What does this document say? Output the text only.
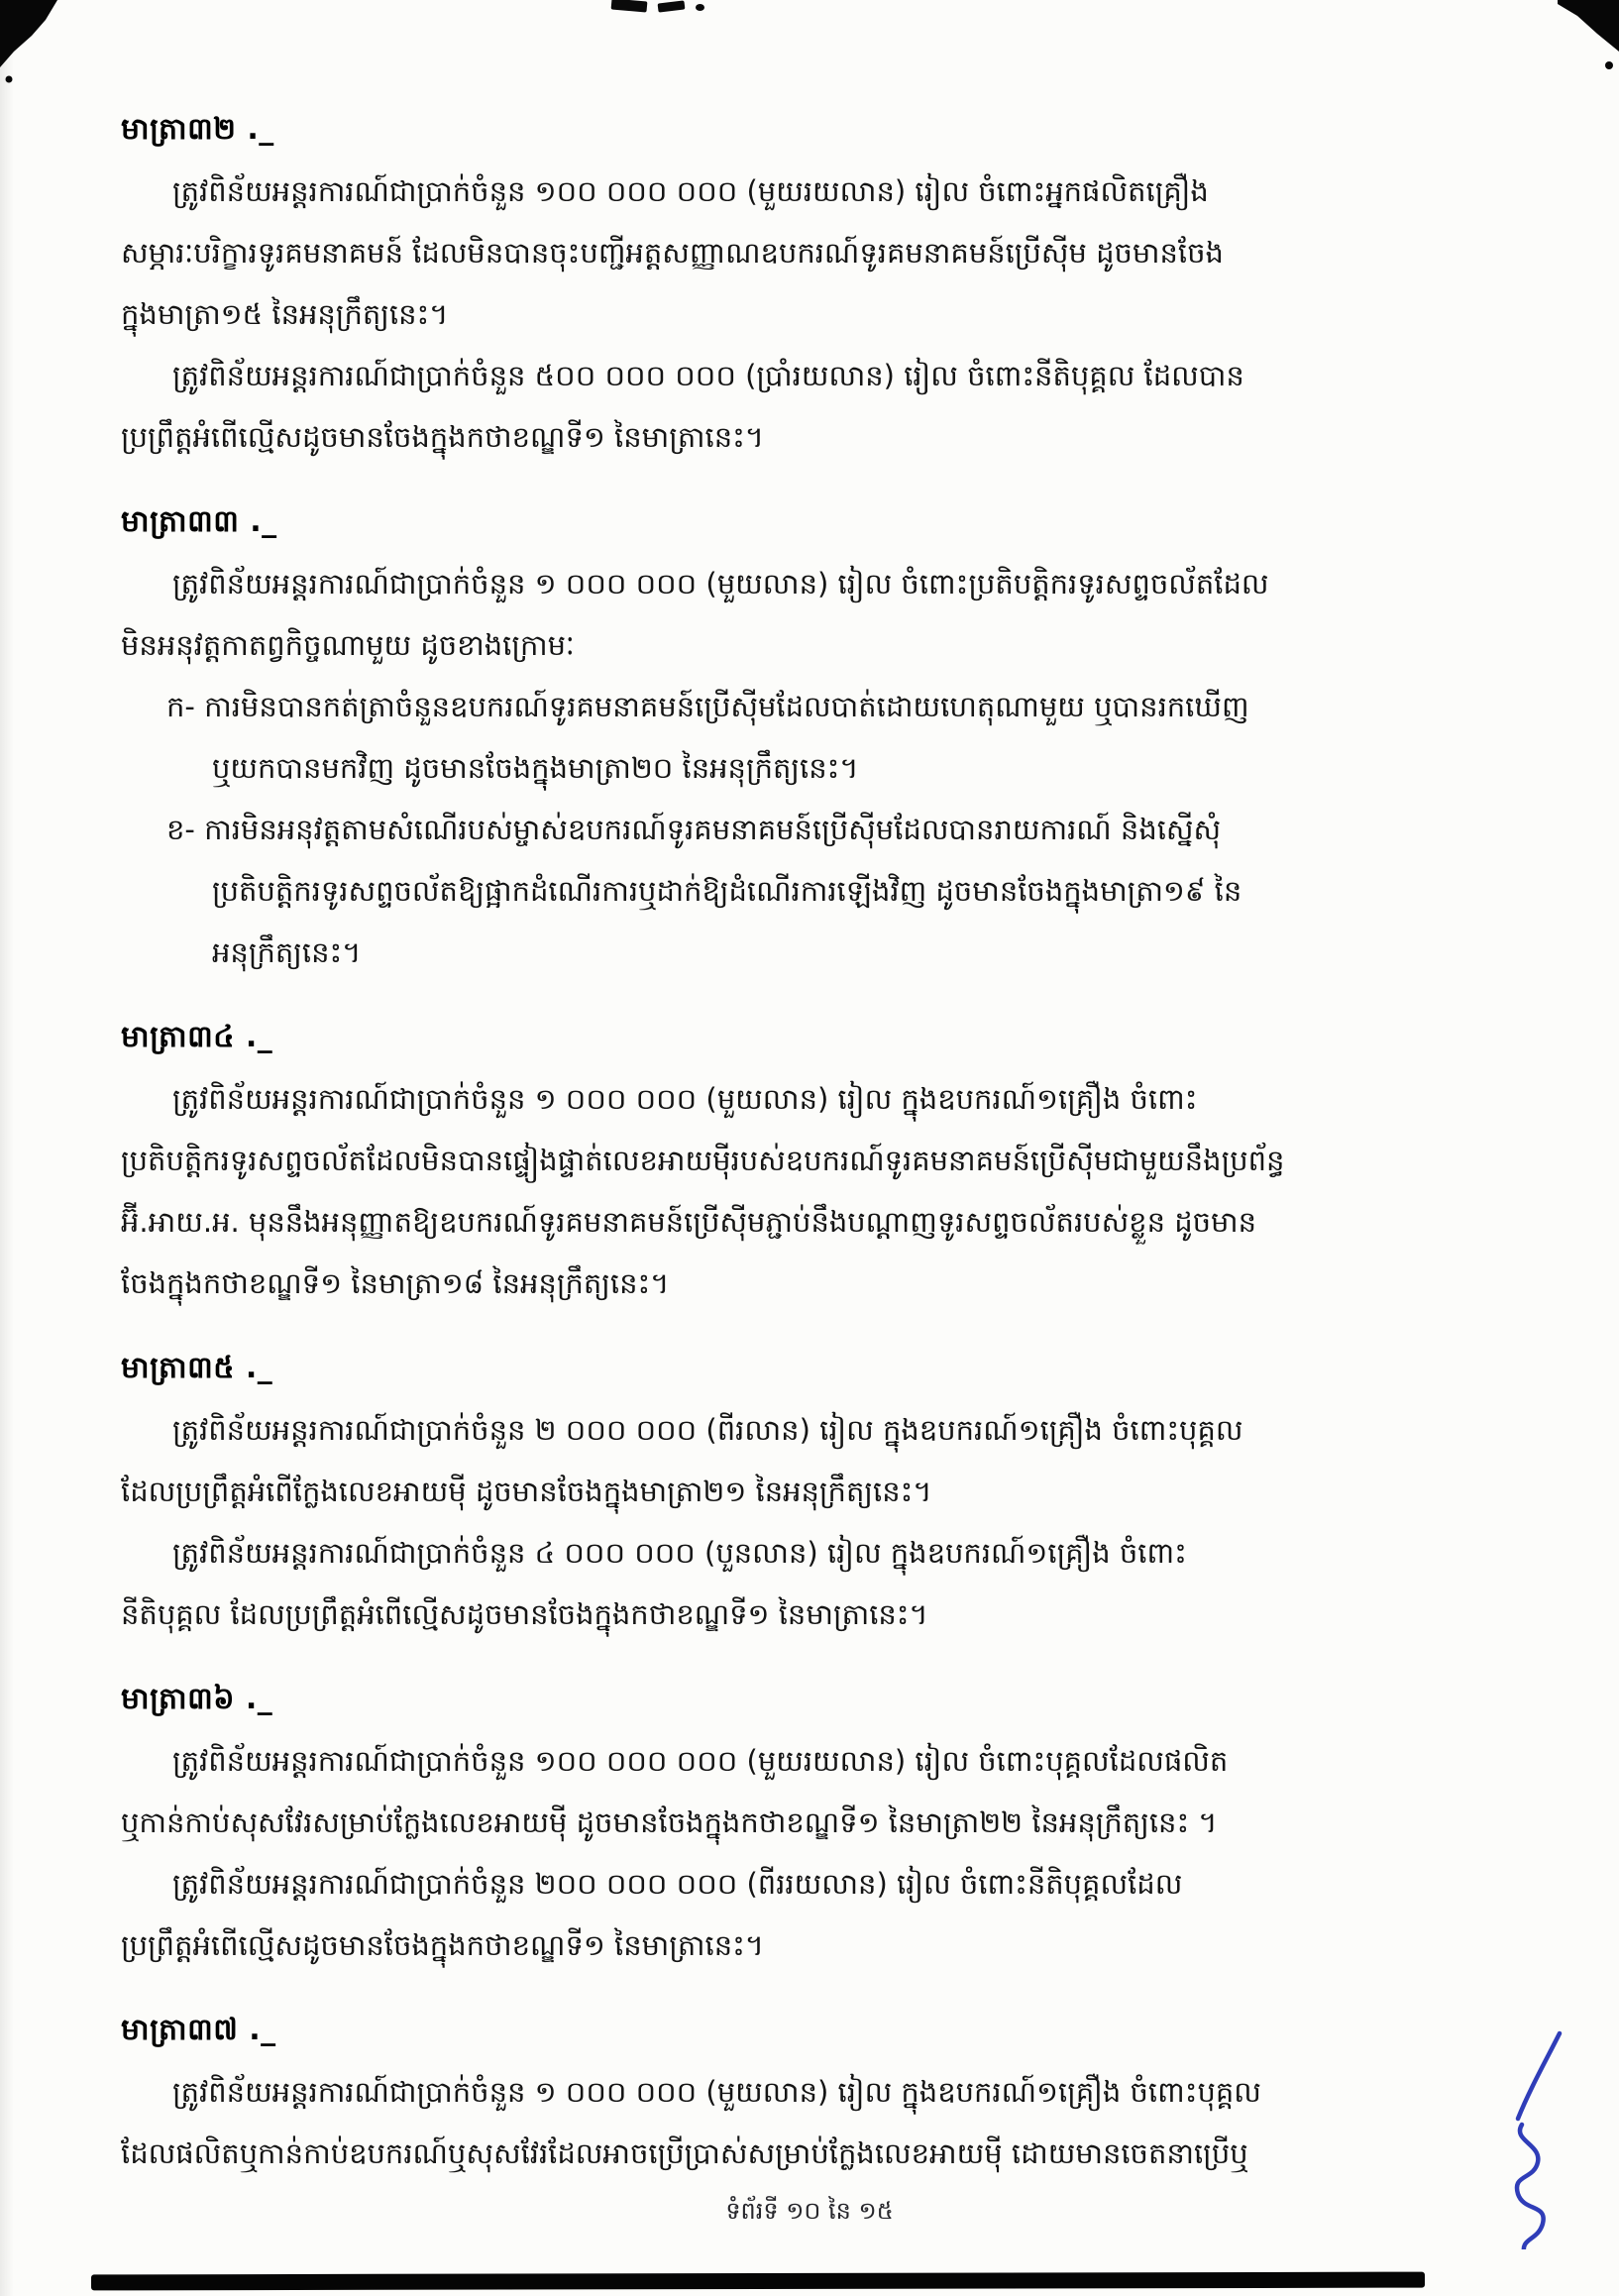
មាត្រា៣២ ._
ត្រូវពិន័យអន្តរការណ៍ជាប្រាក់ចំនួន ១០០ ០០០ ០០០ (មួយរយលាន) រៀល ចំពោះអ្នកផលិតគ្រឿង
សម្ភារៈបរិក្ខារទូរគមនាគមន៍ ដែលមិនបានចុះបញ្ជីអត្តសញ្ញាណឧបករណ៍ទូរគមនាគមន៍ប្រើស៊ីម ដូចមានចែង
ក្នុងមាត្រា១៥ នៃអនុក្រឹត្យនេះ។
ត្រូវពិន័យអន្តរការណ៍ជាប្រាក់ចំនួន ៥០០ ០០០ ០០០ (ប្រាំរយលាន) រៀល ចំពោះនីតិបុគ្គល ដែលបាន
ប្រព្រឹត្តអំពើល្មើសដូចមានចែងក្នុងកថាខណ្ឌទី១ នៃមាត្រានេះ។
មាត្រា៣៣ ._
ត្រូវពិន័យអន្តរការណ៍ជាប្រាក់ចំនួន ១ ០០០ ០០០ (មួយលាន) រៀល ចំពោះប្រតិបត្តិករទូរសព្ទចល័តដែល
មិនអនុវត្តកាតព្វកិច្ចណាមួយ ដូចខាងក្រោមៈ
ក- ការមិនបានកត់ត្រាចំនួនឧបករណ៍ទូរគមនាគមន៍ប្រើស៊ីមដែលបាត់ដោយហេតុណាមួយ ឬបានរកឃើញ
ឬយកបានមកវិញ ដូចមានចែងក្នុងមាត្រា២០ នៃអនុក្រឹត្យនេះ។
ខ- ការមិនអនុវត្តតាមសំណើរបស់ម្ចាស់ឧបករណ៍ទូរគមនាគមន៍ប្រើស៊ីមដែលបានរាយការណ៍ និងស្នើសុំ
ប្រតិបត្តិករទូរសព្ទចល័តឱ្យផ្អាកដំណើរការឬដាក់ឱ្យដំណើរការឡើងវិញ ដូចមានចែងក្នុងមាត្រា១៩ នៃ
អនុក្រឹត្យនេះ។
មាត្រា៣៤ ._
ត្រូវពិន័យអន្តរការណ៍ជាប្រាក់ចំនួន ១ ០០០ ០០០ (មួយលាន) រៀល ក្នុងឧបករណ៍១គ្រឿង ចំពោះ
ប្រតិបត្តិករទូរសព្ទចល័តដែលមិនបានផ្ទៀងផ្ទាត់លេខអាយម៉ីរបស់ឧបករណ៍ទូរគមនាគមន៍ប្រើស៊ីមជាមួយនឹងប្រព័ន្ធ
អ៊ី.អាយ.អ. មុននឹងអនុញ្ញាតឱ្យឧបករណ៍ទូរគមនាគមន៍ប្រើស៊ីមភ្ជាប់នឹងបណ្តាញទូរសព្ទចល័តរបស់ខ្លួន ដូចមាន
ចែងក្នុងកថាខណ្ឌទី១ នៃមាត្រា១៨ នៃអនុក្រឹត្យនេះ។
មាត្រា៣៥ ._
ត្រូវពិន័យអន្តរការណ៍ជាប្រាក់ចំនួន ២ ០០០ ០០០ (ពីរលាន) រៀល ក្នុងឧបករណ៍១គ្រឿង ចំពោះបុគ្គល
ដែលប្រព្រឹត្តអំពើក្លែងលេខអាយម៉ី ដូចមានចែងក្នុងមាត្រា២១ នៃអនុក្រឹត្យនេះ។
ត្រូវពិន័យអន្តរការណ៍ជាប្រាក់ចំនួន ៤ ០០០ ០០០ (បួនលាន) រៀល ក្នុងឧបករណ៍១គ្រឿង ចំពោះ
នីតិបុគ្គល ដែលប្រព្រឹត្តអំពើល្មើសដូចមានចែងក្នុងកថាខណ្ឌទី១ នៃមាត្រានេះ។
មាត្រា៣៦ ._
ត្រូវពិន័យអន្តរការណ៍ជាប្រាក់ចំនួន ១០០ ០០០ ០០០ (មួយរយលាន) រៀល ចំពោះបុគ្គលដែលផលិត
ឬកាន់កាប់សុសវែរសម្រាប់ក្លែងលេខអាយម៉ី ដូចមានចែងក្នុងកថាខណ្ឌទី១ នៃមាត្រា២២ នៃអនុក្រឹត្យនេះ ។
ត្រូវពិន័យអន្តរការណ៍ជាប្រាក់ចំនួន ២០០ ០០០ ០០០ (ពីររយលាន) រៀល ចំពោះនីតិបុគ្គលដែល
ប្រព្រឹត្តអំពើល្មើសដូចមានចែងក្នុងកថាខណ្ឌទី១ នៃមាត្រានេះ។
មាត្រា៣៧ ._
ត្រូវពិន័យអន្តរការណ៍ជាប្រាក់ចំនួន ១ ០០០ ០០០ (មួយលាន) រៀល ក្នុងឧបករណ៍១គ្រឿង ចំពោះបុគ្គល
ដែលផលិតឬកាន់កាប់ឧបករណ៍ឬសុសវែរដែលអាចប្រើប្រាស់សម្រាប់ក្លែងលេខអាយម៉ី ដោយមានចេតនាប្រើឬ
ទំព័រទី ១០ នៃ ១៥
